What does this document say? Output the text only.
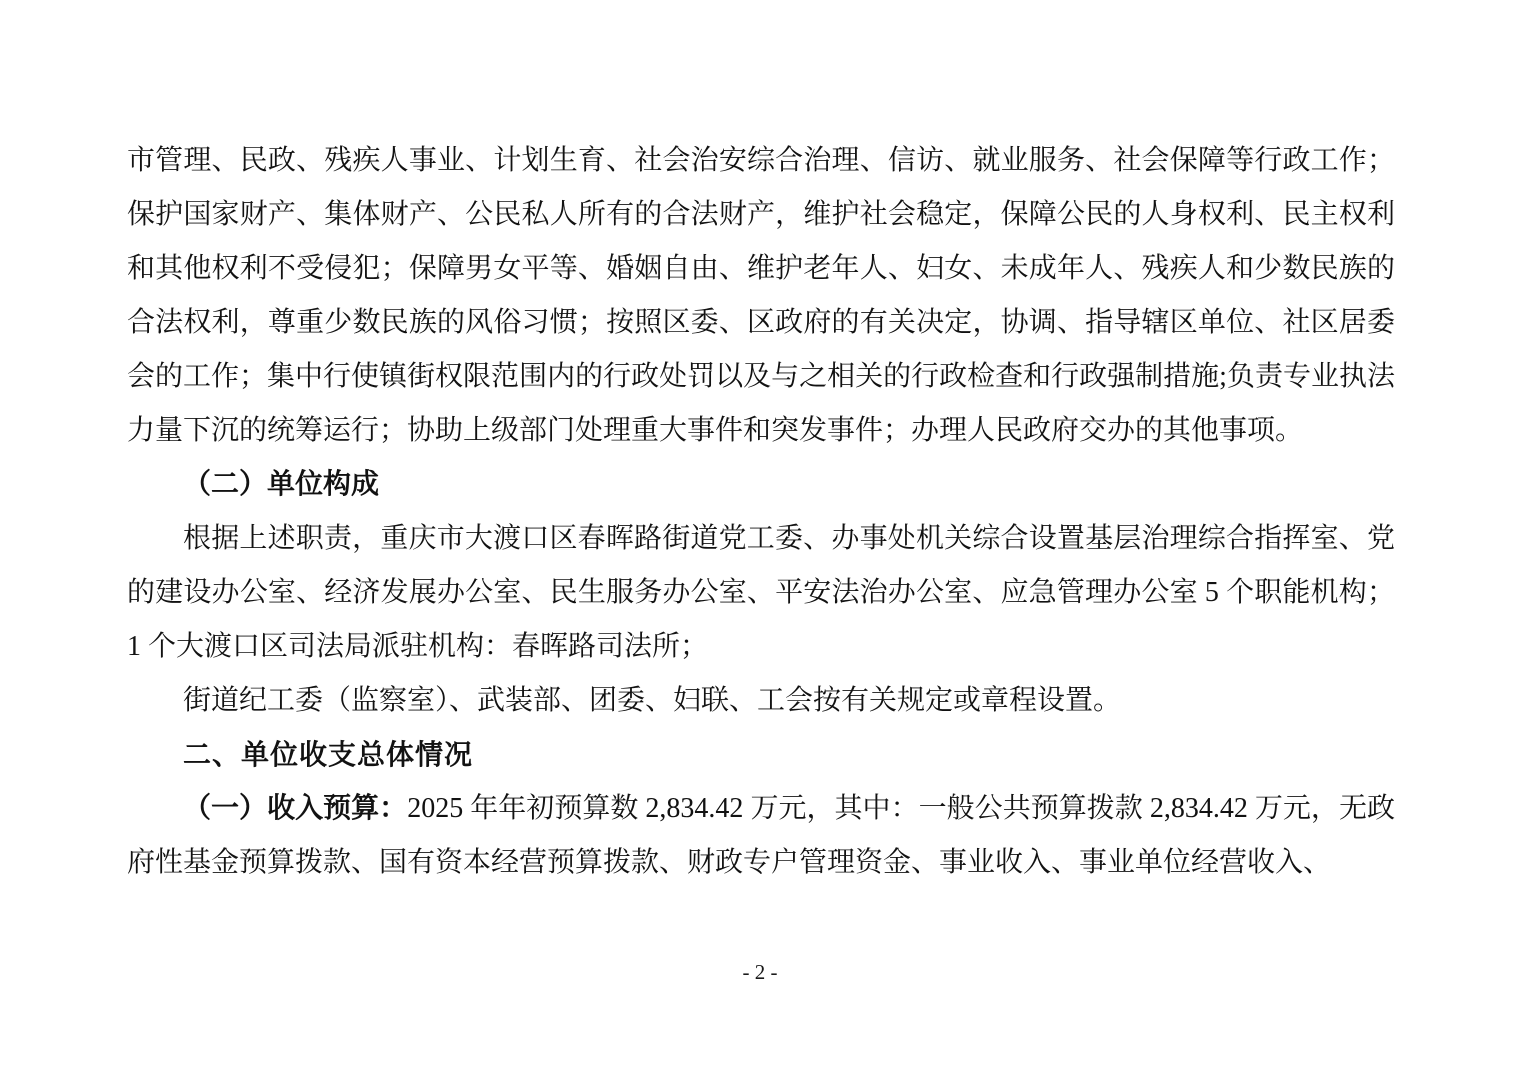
市管理、民政、残疾人事业、计划生育、社会治安综合治理、信访、就业服务、社会保障等行政工作；保护国家财产、集体财产、公民私人所有的合法财产，维护社会稳定，保障公民的人身权利、民主权利和其他权利不受侵犯；保障男女平等、婚姻自由、维护老年人、妇女、未成年人、残疾人和少数民族的合法权利，尊重少数民族的风俗习惯；按照区委、区政府的有关决定，协调、指导辖区单位、社区居委会的工作；集中行使镇街权限范围内的行政处罚以及与之相关的行政检查和行政强制措施;负责专业执法力量下沉的统筹运行；协助上级部门处理重大事件和突发事件；办理人民政府交办的其他事项。

（二）单位构成

根据上述职责，重庆市大渡口区春晖路街道党工委、办事处机关综合设置基层治理综合指挥室、党的建设办公室、经济发展办公室、民生服务办公室、平安法治办公室、应急管理办公室 5 个职能机构；1 个大渡口区司法局派驻机构：春晖路司法所；

街道纪工委（监察室）、武装部、团委、妇联、工会按有关规定或章程设置。

二、单位收支总体情况

（一）收入预算：2025 年年初预算数 2,834.42 万元，其中：一般公共预算拨款 2,834.42 万元，无政府性基金预算拨款、国有资本经营预算拨款、财政专户管理资金、事业收入、事业单位经营收入、

- 2 -
